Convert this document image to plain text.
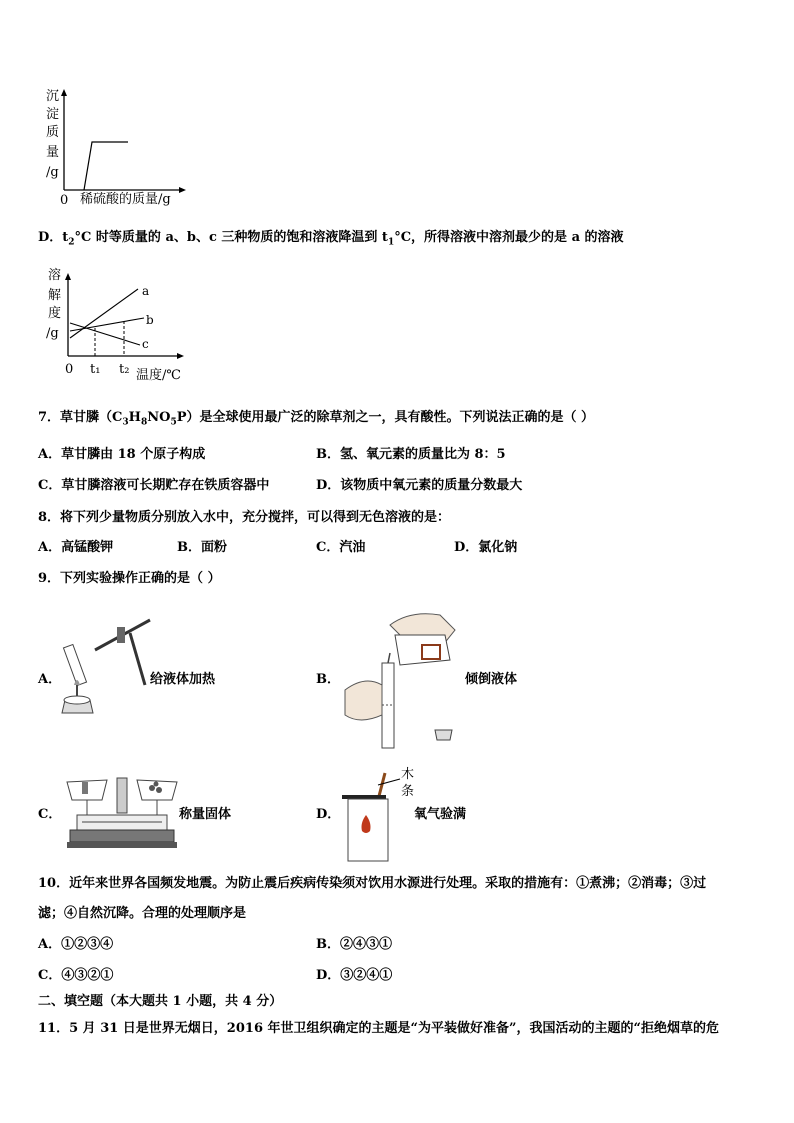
沉
淀
质
量
/g
0 稀硫酸的质量/g
D．$t_2^\circ C$ 时等质量的 a、b、c 三种物质的饱和溶液降温到 $t_1^\circ C$，所得溶液中溶剂最少的是 a 的溶液
溶
解
度
/g
a
b
c
0 t₁ t₂ 温度/℃
7．草甘膦$(C_3H_8NO_5P)$是全球使用最广泛的除草剂之一，具有酸性。下列说法正确的是（ ）
A．草甘膦由 18 个原子构成	B．氢、氧元素的质量比为 8：5
C．草甘膦溶液可长期贮存在铁质容器中	D．该物质中氧元素的质量分数最大
8．将下列少量物质分别放入水中，充分搅拌，可以得到无色溶液的是：
A．高锰酸钾	B．面粉	C．汽油	D．氯化钠
9．下列实验操作正确的是（ ）
A．	给液体加热	B．	倾倒液体
C．	称量固体	D．
木
条
氧气验满
10．近年来世界各国频发地震。为防止震后疾病传染须对饮用水源进行处理。采取的措施有：①煮沸；②消毒；③过
滤；④自然沉降。合理的处理顺序是
A．①②③④	B．②④③①
C．④③②①	D．③②④①
二、填空题（本大题共 1 小题，共 4 分）
11．5 月 31 日是世界无烟日，2016 年世卫组织确定的主题是“为平装做好准备”，我国活动的主题的“拒绝烟草的危
